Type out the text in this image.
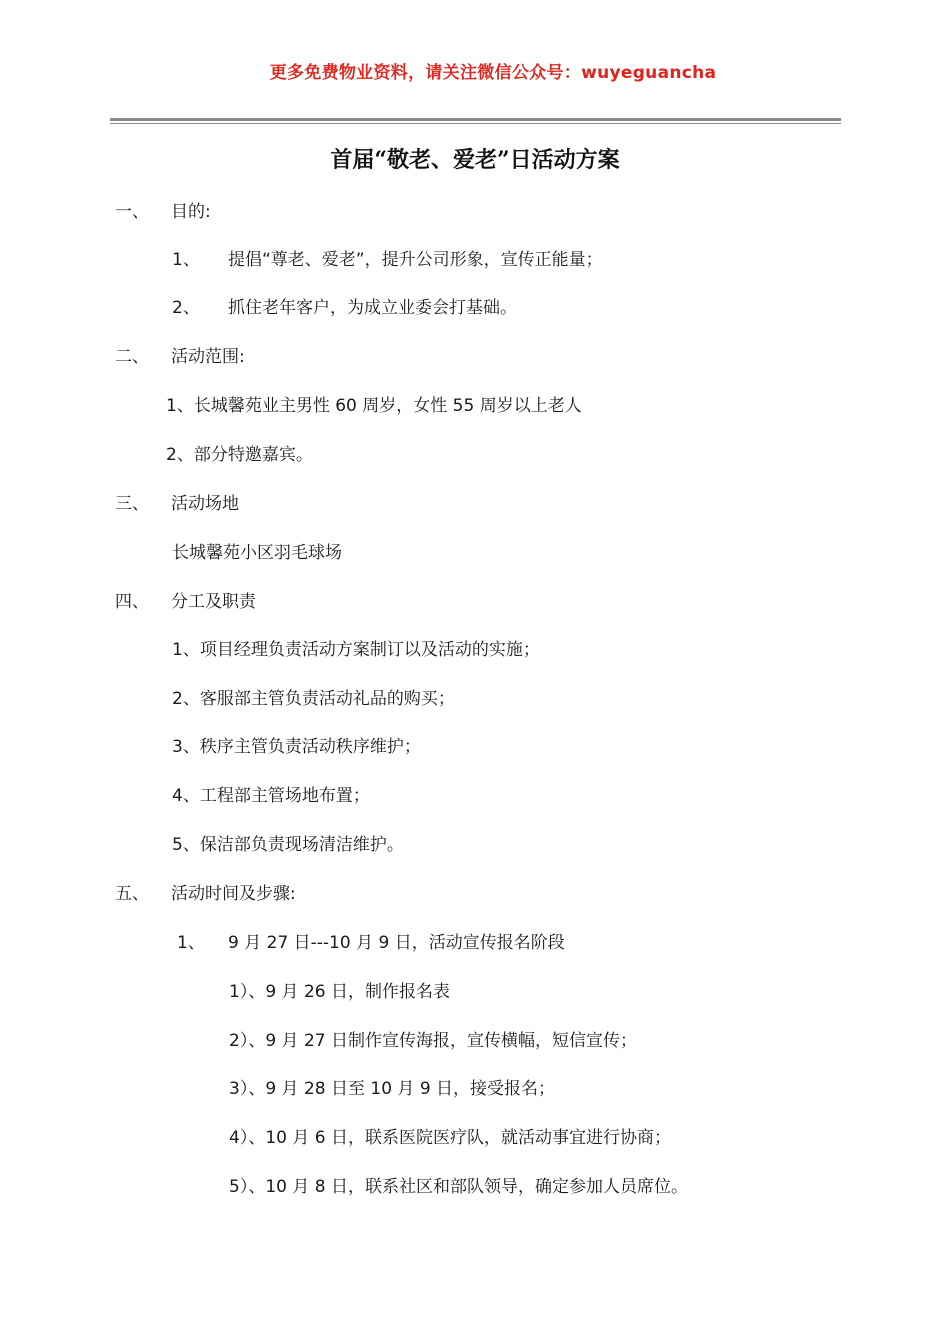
更多免费物业资料，请关注微信公众号：wuyeguancha
首届“敬老、爱老”日活动方案
一、 目的:
1、 提倡“尊老、爱老”，提升公司形象，宣传正能量；
2、 抓住老年客户，为成立业委会打基础。
二、 活动范围:
1、长城馨苑业主男性 60 周岁，女性 55 周岁以上老人
2、部分特邀嘉宾。
三、 活动场地
长城馨苑小区羽毛球场
四、 分工及职责
1、项目经理负责活动方案制订以及活动的实施；
2、客服部主管负责活动礼品的购买；
3、秩序主管负责活动秩序维护；
4、工程部主管场地布置；
5、保洁部负责现场清洁维护。
五、 活动时间及步骤:
1、 9 月 27 日---10 月 9 日，活动宣传报名阶段
1）、9 月 26 日，制作报名表
2）、9 月 27 日制作宣传海报，宣传横幅，短信宣传；
3）、9 月 28 日至 10 月 9 日，接受报名；
4）、10 月 6 日，联系医院医疗队，就活动事宜进行协商；
5）、10 月 8 日，联系社区和部队领导，确定参加人员席位。
